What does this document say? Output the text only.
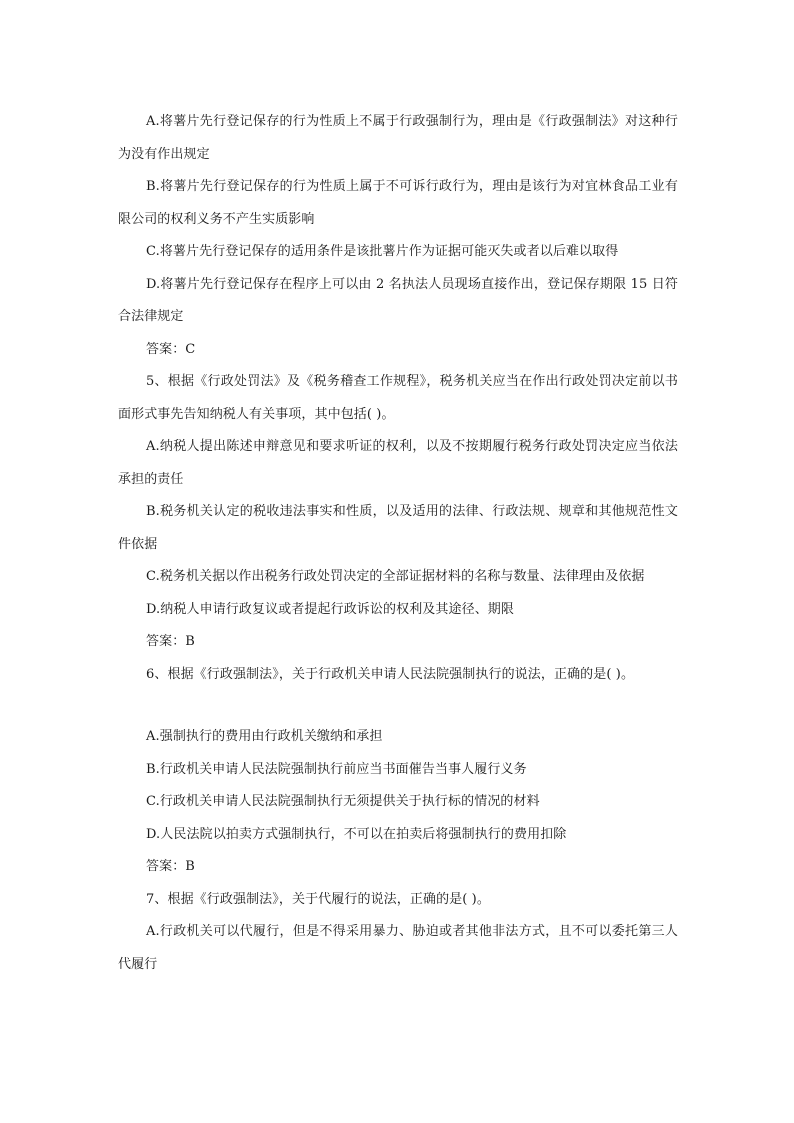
A.将薯片先行登记保存的行为性质上不属于行政强制行为，理由是《行政强制法》对这种行为没有作出规定

B.将薯片先行登记保存的行为性质上属于不可诉行政行为，理由是该行为对宜林食品工业有限公司的权利义务不产生实质影响

C.将薯片先行登记保存的适用条件是该批薯片作为证据可能灭失或者以后难以取得

D.将薯片先行登记保存在程序上可以由 2 名执法人员现场直接作出，登记保存期限 15 日符合法律规定

答案：C

5、根据《行政处罚法》及《税务稽查工作规程》，税务机关应当在作出行政处罚决定前以书面形式事先告知纳税人有关事项，其中包括( )。

A.纳税人提出陈述申辩意见和要求听证的权利，以及不按期履行税务行政处罚决定应当依法承担的责任

B.税务机关认定的税收违法事实和性质，以及适用的法律、行政法规、规章和其他规范性文件依据

C.税务机关据以作出税务行政处罚决定的全部证据材料的名称与数量、法律理由及依据

D.纳税人申请行政复议或者提起行政诉讼的权利及其途径、期限

答案：B

6、根据《行政强制法》，关于行政机关申请人民法院强制执行的说法，正确的是( )。

A.强制执行的费用由行政机关缴纳和承担

B.行政机关申请人民法院强制执行前应当书面催告当事人履行义务

C.行政机关申请人民法院强制执行无须提供关于执行标的情况的材料

D.人民法院以拍卖方式强制执行，不可以在拍卖后将强制执行的费用扣除

答案：B

7、根据《行政强制法》，关于代履行的说法，正确的是( )。

A.行政机关可以代履行，但是不得采用暴力、胁迫或者其他非法方式，且不可以委托第三人代履行
